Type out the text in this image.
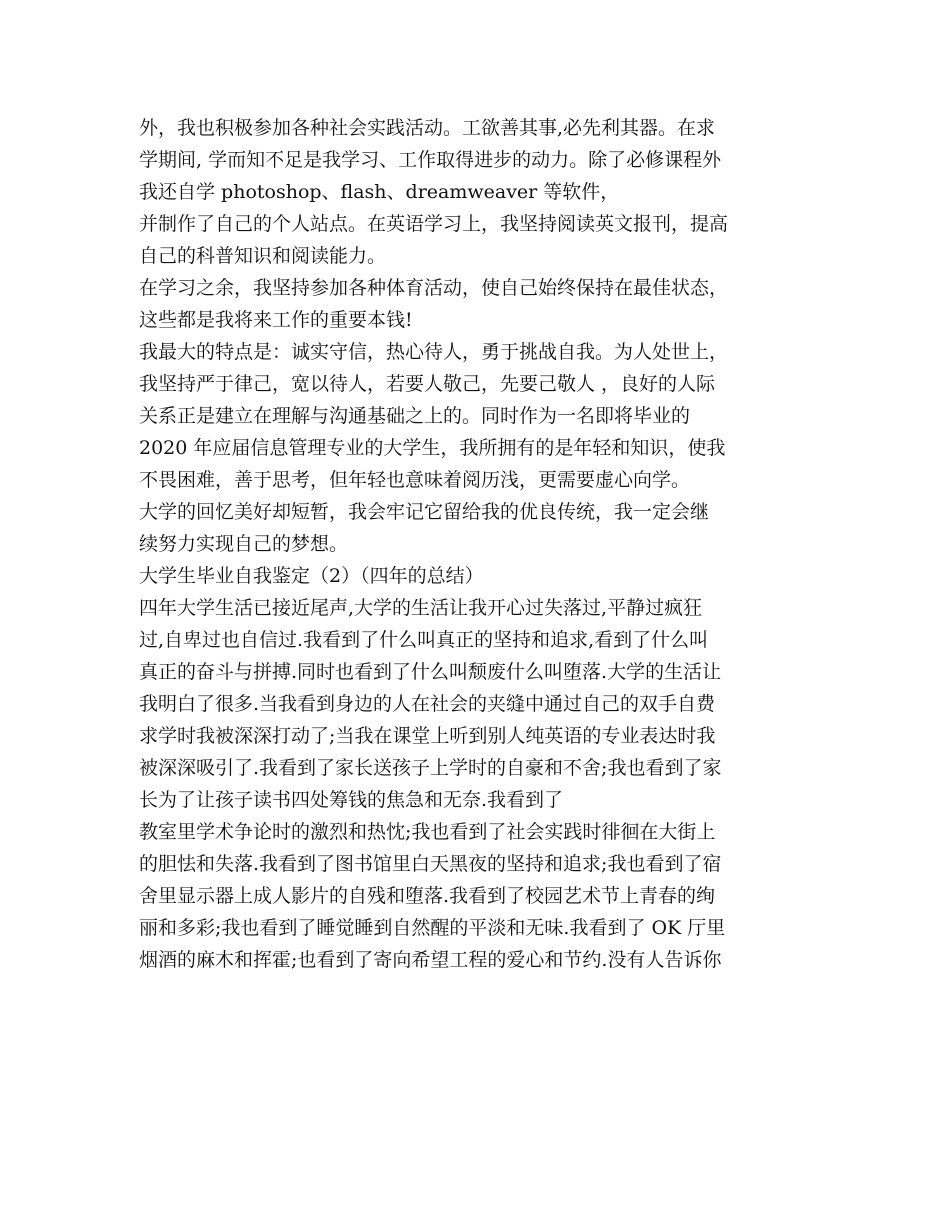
外，我也积极参加各种社会实践活动。工欲善其事,必先利其器。在求
学期间, 学而知不足是我学习、工作取得进步的动力。除了必修课程外
我还自学 photoshop、flash、dreamweaver 等软件，
并制作了自己的个人站点。在英语学习上，我坚持阅读英文报刊，提高
自己的科普知识和阅读能力。
在学习之余，我坚持参加各种体育活动，使自己始终保持在最佳状态，
这些都是我将来工作的重要本钱!
我最大的特点是：诚实守信，热心待人，勇于挑战自我。为人处世上，
我坚持严于律己，宽以待人，若要人敬己，先要己敬人 ，良好的人际
关系正是建立在理解与沟通基础之上的。同时作为一名即将毕业的
2020 年应届信息管理专业的大学生，我所拥有的是年轻和知识，使我
不畏困难，善于思考，但年轻也意味着阅历浅，更需要虚心向学。
大学的回忆美好却短暂，我会牢记它留给我的优良传统，我一定会继
续努力实现自己的梦想。
大学生毕业自我鉴定（2）（四年的总结）
四年大学生活已接近尾声,大学的生活让我开心过失落过,平静过疯狂
过,自卑过也自信过.我看到了什么叫真正的坚持和追求,看到了什么叫
真正的奋斗与拼搏.同时也看到了什么叫颓废什么叫堕落.大学的生活让
我明白了很多.当我看到身边的人在社会的夹缝中通过自己的双手自费
求学时我被深深打动了;当我在课堂上听到别人纯英语的专业表达时我
被深深吸引了.我看到了家长送孩子上学时的自豪和不舍;我也看到了家
长为了让孩子读书四处筹钱的焦急和无奈.我看到了
教室里学术争论时的激烈和热忱;我也看到了社会实践时徘徊在大街上
的胆怯和失落.我看到了图书馆里白天黑夜的坚持和追求;我也看到了宿
舍里显示器上成人影片的自残和堕落.我看到了校园艺术节上青春的绚
丽和多彩;我也看到了睡觉睡到自然醒的平淡和无味.我看到了 OK 厅里
烟酒的麻木和挥霍;也看到了寄向希望工程的爱心和节约.没有人告诉你
